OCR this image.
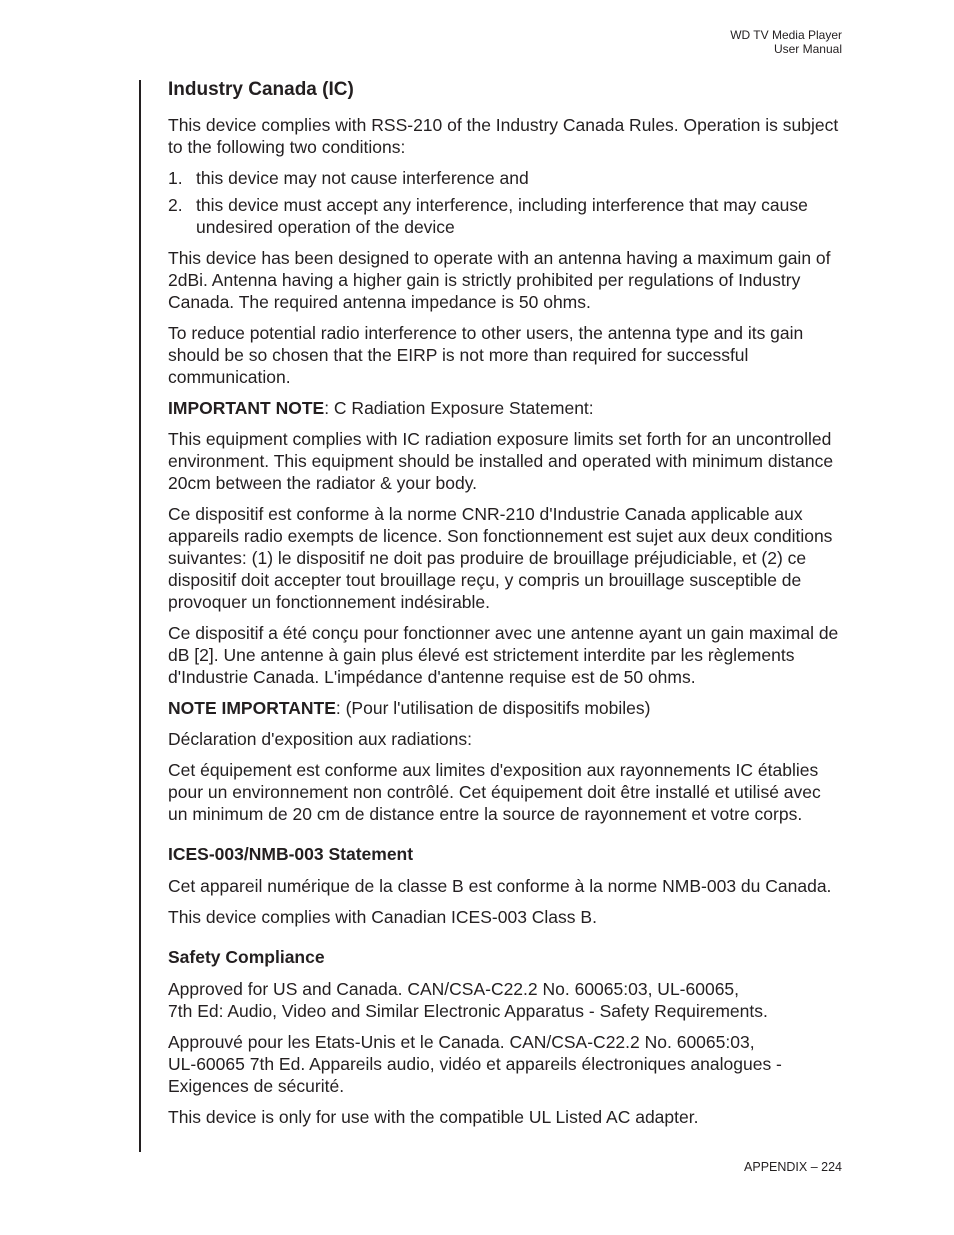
WD TV Media Player
User Manual
Industry Canada (IC)

This device complies with RSS-210 of the Industry Canada Rules. Operation is subject to the following two conditions:

1. this device may not cause interference and
2. this device must accept any interference, including interference that may cause undesired operation of the device

This device has been designed to operate with an antenna having a maximum gain of 2dBi. Antenna having a higher gain is strictly prohibited per regulations of Industry Canada. The required antenna impedance is 50 ohms.

To reduce potential radio interference to other users, the antenna type and its gain should be so chosen that the EIRP is not more than required for successful communication.

IMPORTANT NOTE: C Radiation Exposure Statement:

This equipment complies with IC radiation exposure limits set forth for an uncontrolled environment. This equipment should be installed and operated with minimum distance 20cm between the radiator & your body.

Ce dispositif est conforme à la norme CNR-210 d'Industrie Canada applicable aux appareils radio exempts de licence. Son fonctionnement est sujet aux deux conditions suivantes: (1) le dispositif ne doit pas produire de brouillage préjudiciable, et (2) ce dispositif doit accepter tout brouillage reçu, y compris un brouillage susceptible de provoquer un fonctionnement indésirable.

Ce dispositif a été conçu pour fonctionner avec une antenne ayant un gain maximal de dB [2]. Une antenne à gain plus élevé est strictement interdite par les règlements d'Industrie Canada. L'impédance d'antenne requise est de 50 ohms.

NOTE IMPORTANTE: (Pour l'utilisation de dispositifs mobiles)

Déclaration d'exposition aux radiations:

Cet équipement est conforme aux limites d'exposition aux rayonnements IC établies pour un environnement non contrôlé. Cet équipement doit être installé et utilisé avec un minimum de 20 cm de distance entre la source de rayonnement et votre corps.

ICES-003/NMB-003 Statement

Cet appareil numérique de la classe B est conforme à la norme NMB-003 du Canada.

This device complies with Canadian ICES-003 Class B.

Safety Compliance

Approved for US and Canada. CAN/CSA-C22.2 No. 60065:03, UL-60065,
7th Ed: Audio, Video and Similar Electronic Apparatus - Safety Requirements.

Approuvé pour les Etats-Unis et le Canada. CAN/CSA-C22.2 No. 60065:03,
UL-60065 7th Ed. Appareils audio, vidéo et appareils électroniques analogues -
Exigences de sécurité.

This device is only for use with the compatible UL Listed AC adapter.

APPENDIX – 224
